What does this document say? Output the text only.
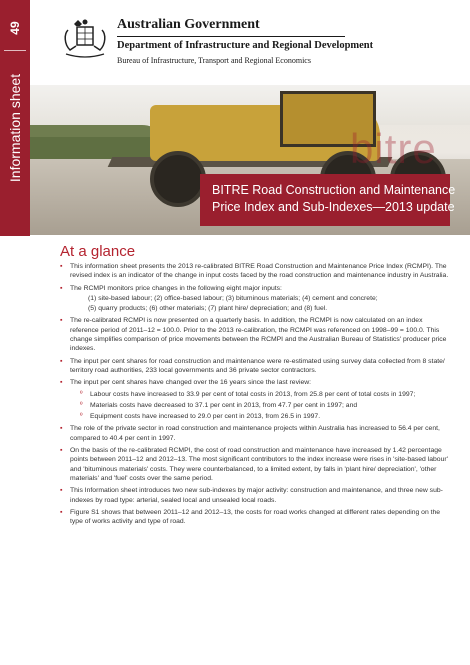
49
Information sheet
Australian Government
Department of Infrastructure and Regional Development
Bureau of Infrastructure, Transport and Regional Economics
bitre
BITRE Road Construction and Maintenance
Price Index and Sub-Indexes—2013 update
At a glance
▪ This information sheet presents the 2013 re-calibrated BITRE Road Construction and Maintenance Price Index (RCMPI). The revised index is an indicator of the change in input costs faced by the road construction and maintenance industry in Australia.
▪ The RCMPI monitors price changes in the following eight major inputs:
(1) site-based labour; (2) office-based labour; (3) bituminous materials; (4) cement and concrete;
(5) quarry products; (6) other materials; (7) plant hire/ depreciation; and (8) fuel.
▪ The re-calibrated RCMPI is now presented on a quarterly basis. In addition, the RCMPI is now calculated on an index reference period of 2011–12 = 100.0. Prior to the 2013 re-calibration, the RCMPI was referenced on 1998–99 = 100.0. This change simplifies comparison of price movements between the RCMPI and the Australian Bureau of Statistics' producer price indexes.
▪ The input per cent shares for road construction and maintenance were re-estimated using survey data collected from 8 state/ territory road authorities, 233 local governments and 36 private sector contractors.
▪ The input per cent shares have changed over the 16 years since the last review:
º Labour costs have increased to 33.9 per cent of total costs in 2013, from 25.8 per cent of total costs in 1997;
º Materials costs have decreased to 37.1 per cent in 2013, from 47.7 per cent in 1997; and
º Equipment costs have increased to 29.0 per cent in 2013, from 26.5 in 1997.
▪ The role of the private sector in road construction and maintenance projects within Australia has increased to 56.4 per cent, compared to 40.4 per cent in 1997.
▪ On the basis of the re-calibrated RCMPI, the cost of road construction and maintenance have increased by 1.42 percentage points between 2011–12 and 2012–13. The most significant contributors to the index increase were rises in 'site-based labour' and 'bituminous materials' costs. They were counterbalanced, to a limited extent, by falls in 'plant hire/ depreciation', 'other materials' and 'fuel' costs over the same period.
▪ This Information sheet introduces two new sub-indexes by major activity: construction and maintenance, and three new sub-indexes by road type: arterial, sealed local and unsealed local roads.
▪ Figure S1 shows that between 2011–12 and 2012–13, the costs for road works changed at different rates depending on the type of works activity and type of road.
